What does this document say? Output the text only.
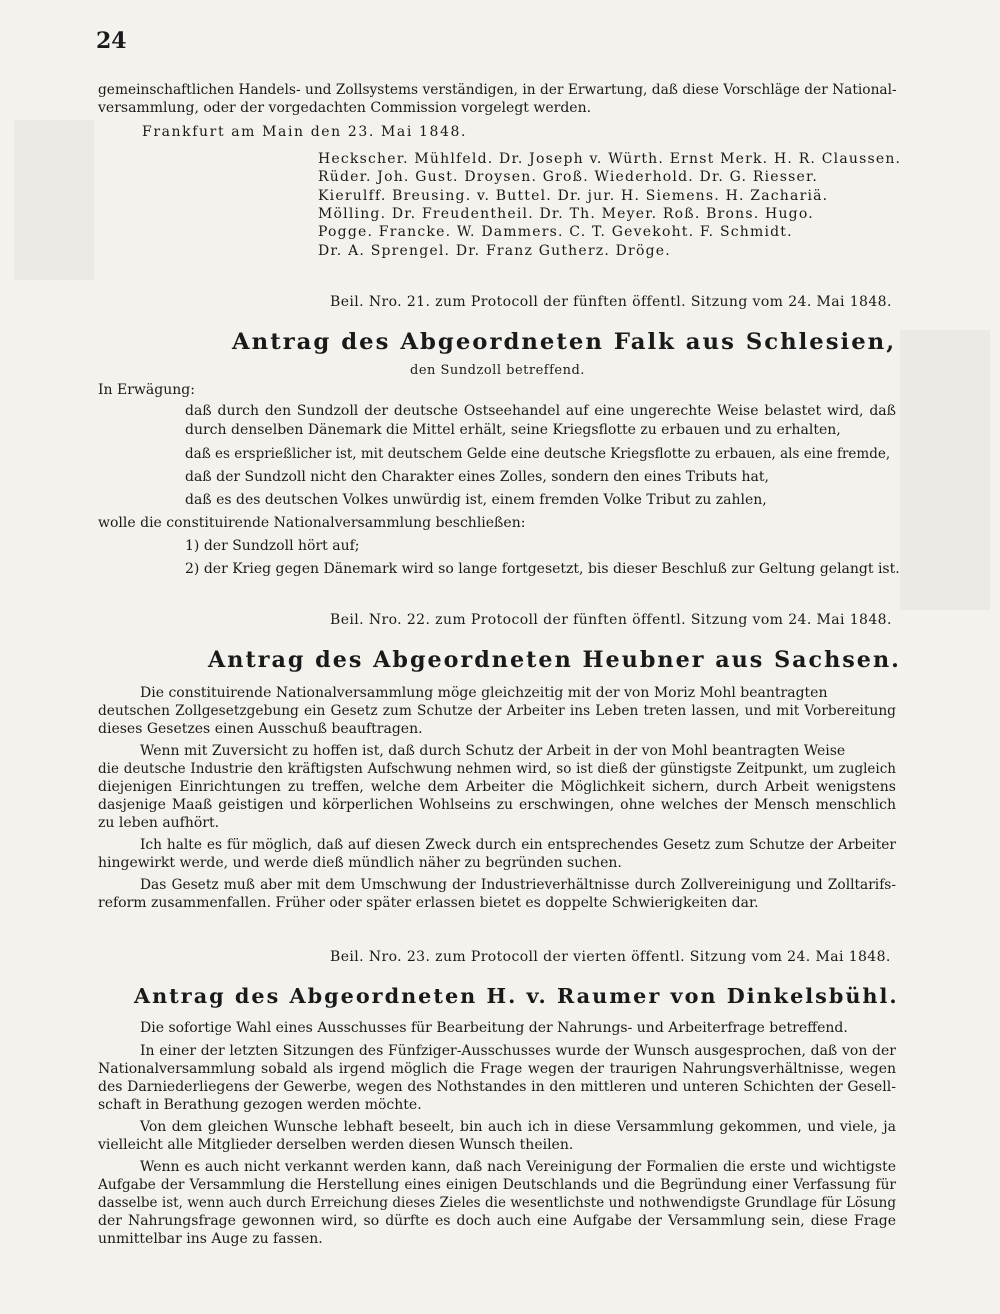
24
gemeinschaftlichen Handels- und Zollsystems verständigen, in der Erwartung, daß diese Vorschläge der National-
versammlung, oder der vorgedachten Commission vorgelegt werden.
Frankfurt am Main den 23. Mai 1848.
Heckscher. Mühlfeld. Dr. Joseph v. Würth. Ernst Merk. H. R. Claussen.
Rüder. Joh. Gust. Droysen. Groß. Wiederhold. Dr. G. Riesser.
Kierulff. Breusing. v. Buttel. Dr. jur. H. Siemens. H. Zachariä.
Mölling. Dr. Freudentheil. Dr. Th. Meyer. Roß. Brons. Hugo.
Pogge. Francke. W. Dammers. C. T. Gevekoht. F. Schmidt.
Dr. A. Sprengel. Dr. Franz Gutherz. Dröge.
Beil. Nro. 21. zum Protocoll der fünften öffentl. Sitzung vom 24. Mai 1848.
Antrag des Abgeordneten Falk aus Schlesien,
den Sundzoll betreffend.
In Erwägung:
daß durch den Sundzoll der deutsche Ostseehandel auf eine ungerechte Weise belastet wird, daß
durch denselben Dänemark die Mittel erhält, seine Kriegsflotte zu erbauen und zu erhalten,
daß es ersprießlicher ist, mit deutschem Gelde eine deutsche Kriegsflotte zu erbauen, als eine fremde,
daß der Sundzoll nicht den Charakter eines Zolles, sondern den eines Tributs hat,
daß es des deutschen Volkes unwürdig ist, einem fremden Volke Tribut zu zahlen,
wolle die constituirende Nationalversammlung beschließen:
1) der Sundzoll hört auf;
2) der Krieg gegen Dänemark wird so lange fortgesetzt, bis dieser Beschluß zur Geltung gelangt ist.
Beil. Nro. 22. zum Protocoll der fünften öffentl. Sitzung vom 24. Mai 1848.
Antrag des Abgeordneten Heubner aus Sachsen.
Die constituirende Nationalversammlung möge gleichzeitig mit der von Moriz Mohl beantragten
deutschen Zollgesetzgebung ein Gesetz zum Schutze der Arbeiter ins Leben treten lassen, und mit Vorbereitung
dieses Gesetzes einen Ausschuß beauftragen.
Wenn mit Zuversicht zu hoffen ist, daß durch Schutz der Arbeit in der von Mohl beantragten Weise
die deutsche Industrie den kräftigsten Aufschwung nehmen wird, so ist dieß der günstigste Zeitpunkt, um zugleich
diejenigen Einrichtungen zu treffen, welche dem Arbeiter die Möglichkeit sichern, durch Arbeit wenigstens
dasjenige Maaß geistigen und körperlichen Wohlseins zu erschwingen, ohne welches der Mensch menschlich
zu leben aufhört.
Ich halte es für möglich, daß auf diesen Zweck durch ein entsprechendes Gesetz zum Schutze der Arbeiter
hingewirkt werde, und werde dieß mündlich näher zu begründen suchen.
Das Gesetz muß aber mit dem Umschwung der Industrieverhältnisse durch Zollvereinigung und Zolltarifs-
reform zusammenfallen. Früher oder später erlassen bietet es doppelte Schwierigkeiten dar.
Beil. Nro. 23. zum Protocoll der vierten öffentl. Sitzung vom 24. Mai 1848.
Antrag des Abgeordneten H. v. Raumer von Dinkelsbühl.
Die sofortige Wahl eines Ausschusses für Bearbeitung der Nahrungs- und Arbeiterfrage betreffend.
In einer der letzten Sitzungen des Fünfziger-Ausschusses wurde der Wunsch ausgesprochen, daß von der
Nationalversammlung sobald als irgend möglich die Frage wegen der traurigen Nahrungsverhältnisse, wegen
des Darniederliegens der Gewerbe, wegen des Nothstandes in den mittleren und unteren Schichten der Gesell-
schaft in Berathung gezogen werden möchte.
Von dem gleichen Wunsche lebhaft beseelt, bin auch ich in diese Versammlung gekommen, und viele, ja
vielleicht alle Mitglieder derselben werden diesen Wunsch theilen.
Wenn es auch nicht verkannt werden kann, daß nach Vereinigung der Formalien die erste und wichtigste
Aufgabe der Versammlung die Herstellung eines einigen Deutschlands und die Begründung einer Verfassung für
dasselbe ist, wenn auch durch Erreichung dieses Zieles die wesentlichste und nothwendigste Grundlage für Lösung
der Nahrungsfrage gewonnen wird, so dürfte es doch auch eine Aufgabe der Versammlung sein, diese Frage
unmittelbar ins Auge zu fassen.
